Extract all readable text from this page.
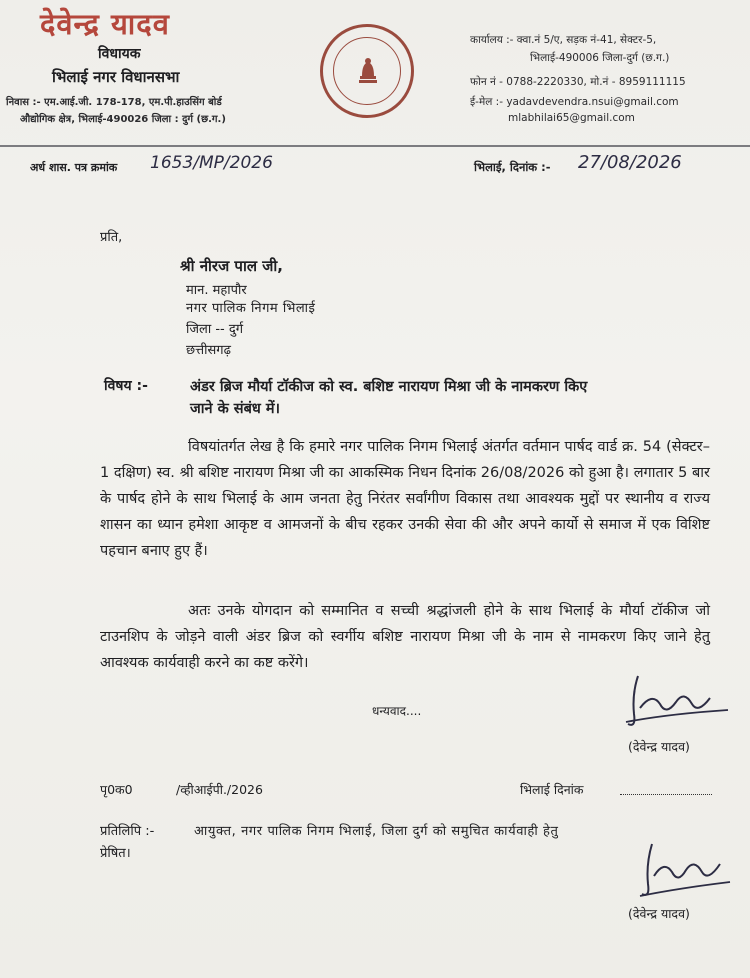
देवेन्द्र यादव
विधायक
भिलाई नगर विधानसभा
निवास :- एम.आई.जी. 178-178, एम.पी.हाउसिंग बोर्ड
औद्योगिक क्षेत्र, भिलाई-490026 जिला : दुर्ग (छ.ग.)
कार्यालय :- क्वा.नं 5/ए, सड़क नं-41, सेक्टर-5,
भिलाई-490006 जिला-दुर्ग (छ.ग.)
फोन नं - 0788-2220330, मो.नं - 8959111115
ई-मेल :- yadavdevendra.nsui@gmail.com
mlabhilai65@gmail.com
अर्ध शास. पत्र क्रमांक 1653/MP/2026	भिलाई, दिनांक :- 27/08/2026
प्रति,
श्री नीरज पाल जी,
मान. महापौर
नगर पालिक निगम भिलाई
जिला -- दुर्ग
छत्तीसगढ़
विषय :-	अंडर ब्रिज मौर्या टॉकीज को स्व. बशिष्ट नारायण मिश्रा जी के नामकरण किए
जाने के संबंध में।
विषयांतर्गत लेख है कि हमारे नगर पालिक निगम भिलाई अंतर्गत वर्तमान पार्षद वार्ड क्र. 54 (सेक्टर–1 दक्षिण) स्व. श्री बशिष्ट नारायण मिश्रा जी का आकस्मिक निधन दिनांक 26/08/2026 को हुआ है। लगातार 5 बार के पार्षद होने के साथ भिलाई के आम जनता हेतु निरंतर सर्वांगीण विकास तथा आवश्यक मुद्दों पर स्थानीय व राज्य शासन का ध्यान हमेशा आकृष्ट व आमजनों के बीच रहकर उनकी सेवा की और अपने कार्यो से समाज में एक विशिष्ट पहचान बनाए हुए हैं।
अतः उनके योगदान को सम्मानित व सच्ची श्रद्धांजली होने के साथ भिलाई के मौर्या टॉकीज जो टाउनशिप के जोड़ने वाली अंडर ब्रिज को स्वर्गीय बशिष्ट नारायण मिश्रा जी के नाम से नामकरण किए जाने हेतु आवश्यक कार्यवाही करने का कष्ट करेंगे।
धन्यवाद....
(देवेन्द्र यादव)
पृ0क0	/व्हीआईपी./2026	भिलाई दिनांक
प्रतिलिपि :-	आयुक्त, नगर पालिक निगम भिलाई, जिला दुर्ग को समुचित कार्यवाही हेतु
प्रेषित।
(देवेन्द्र यादव)
